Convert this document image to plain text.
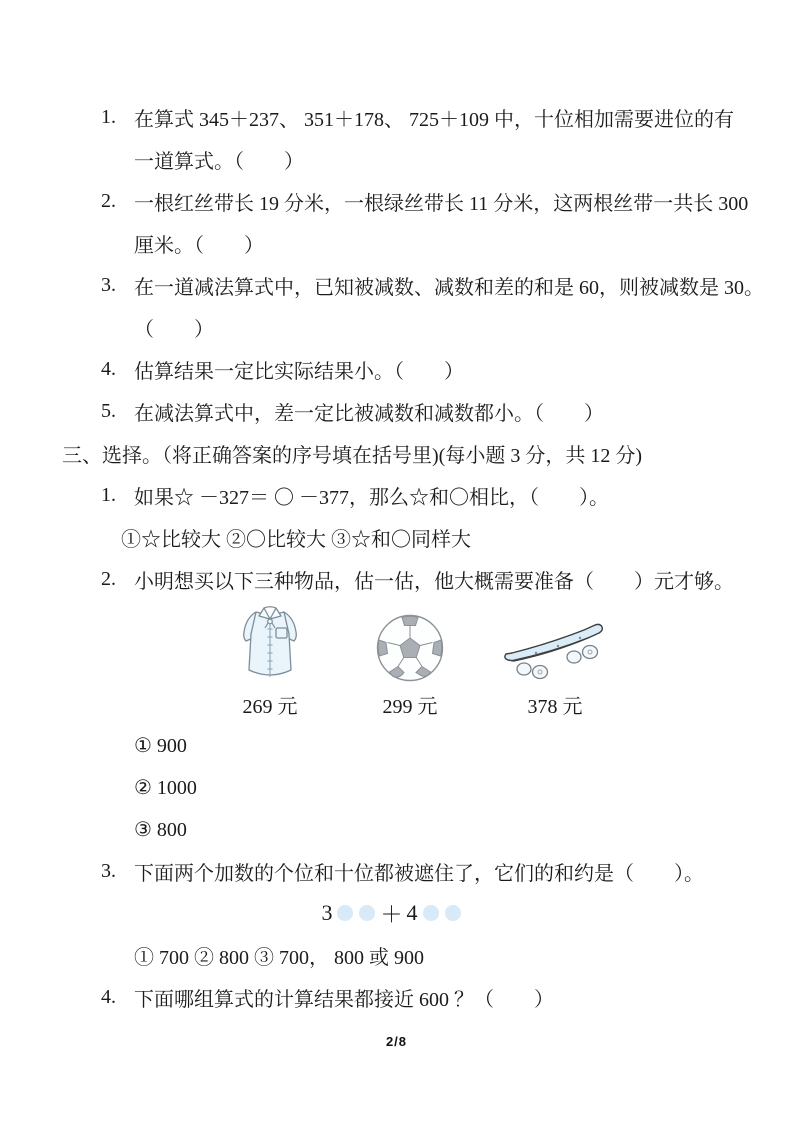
1. 在算式 345＋237、 351＋178、 725＋109 中，十位相加需要进位的有
一道算式。（　　）
2. 一根红丝带长 19 分米，一根绿丝带长 11 分米，这两根丝带一共长 300
厘米。（　　）
3. 在一道减法算式中，已知被减数、减数和差的和是 60，则被减数是 30。
（　　）
4. 估算结果一定比实际结果小。（　　）
5. 在减法算式中，差一定比被减数和减数都小。（　　）
三、选择。（将正确答案的序号填在括号里)(每小题 3 分，共 12 分)
1. 如果☆ －327＝ 〇 －377，那么☆和〇相比，（　　）。
①☆比较大 ②〇比较大 ③☆和〇同样大
2. 小明想买以下三种物品，估一估，他大概需要准备（　　）元才够。
269 元	299 元	378 元
① 900
② 1000
③ 800
3. 下面两个加数的个位和十位都被遮住了，它们的和约是（　　）。
3 ＋ 4
① 700 ② 800 ③ 700， 800 或 900
4. 下面哪组算式的计算结果都接近 600 ？（　　）
2/8
